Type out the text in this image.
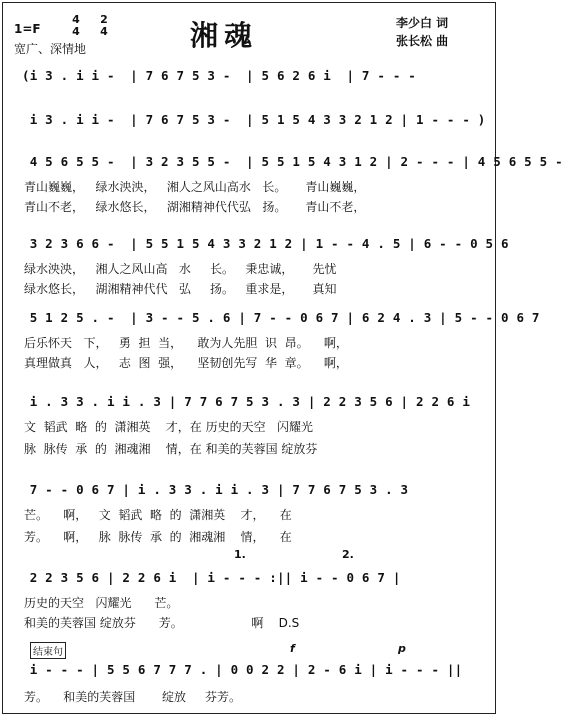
1=F
4
4
2
4
宽广、深情地	湘魂	李少白 词
张长松 曲
(i 3 . i i -  | 7 6 7 5 3 -  | 5 6 2 6 i  | 7 - - -
i 3 . i i -  | 7 6 7 5 3 -  | 5 1 5 4 3 3 2 1 2 | 1 - - - )
4 5 6 5 5 -  | 3 2 3 5 5 -  | 5 5 1 5 4 3 1 2 | 2 - - - | 4 5 6 5 5 -
青山巍巍，   绿水泱泱，   湘人之风山高水   长。     青山巍巍，
青山不老，   绿水悠长，   湖湘精神代代弘   扬。     青山不老，
3 2 3 6 6 -  | 5 5 1 5 4 3 3 2 1 2 | 1 - - 4 . 5 | 6 - - 0 5 6
绿水泱泱，   湘人之风山高   水     长。   秉忠诚，     先忧
绿水悠长，   湖湘精神代代   弘     扬。   重求是，     真知
5 1 2 5 . -  | 3 - - 5 . 6 | 7 - - 0 6 7 | 6 2 4 . 3 | 5 - - 0 6 7
后乐怀天   下，   勇  担  当，    敢为人先胆  识  昂。    啊，
真理做真   人，   志  图  强，    坚韧创先写  华  章。    啊，
i . 3 3 . i i . 3 | 7 7 6 7 5 3 . 3 | 2 2 3 5 6 | 2 2 6 i
文  韬武  略  的  潇湘英    才，在 历史的天空   闪耀光
脉  脉传  承  的  湘魂湘    情，在 和美的芙蓉国 绽放芬
7 - - 0 6 7 | i . 3 3 . i i . 3 | 7 7 6 7 5 3 . 3
芒。    啊，   文  韬武  略  的  潇湘英    才，    在
芳。    啊，   脉  脉传  承  的  湘魂湘    情，    在
1.	2.
2 2 3 5 6 | 2 2 6 i  | i - - - :|| i - - 0 6 7 |
历史的天空   闪耀光      芒。
和美的芙蓉国 绽放芬      芳。                  啊    D.S
结束句	f	p
i - - - | 5 5 6 7 7 7 . | 0 0 2 2 | 2 - 6 i | i - - - ||
芳。    和美的芙蓉国       绽放     芬芳。
